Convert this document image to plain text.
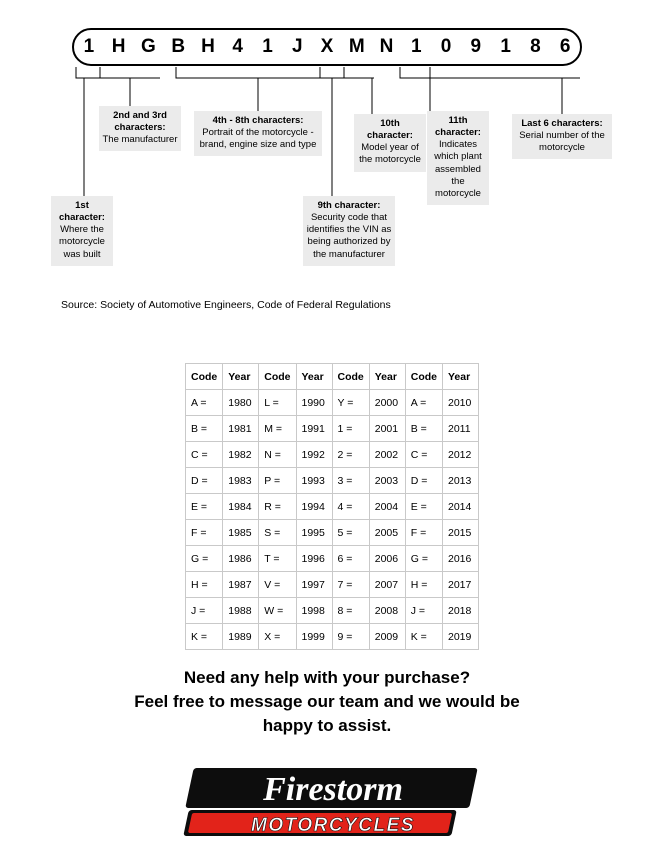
1 H G B H 4	1	J X M N 1	0	9	1	8	6
1st character:
Where the motorcycle was built
2nd and 3rd characters:
The manufacturer
4th - 8th characters:
Portrait of the motorcycle - brand, engine size and type
9th character:
Security code that identifies the VIN as being authorized by the manufacturer
10th character:
Model year of the motorcycle
11th character:
Indicates which plant assembled the motorcycle
Last 6 characters:
Serial number of the motorcycle
Source: Society of Automotive Engineers, Code of Federal Regulations
Code	Year	Code	Year	Code	Year	Code	Year
A =	1980	L =	1990	Y =	2000	A =	2010
B =	1981	M =	1991	1 =	2001	B =	2011
C =	1982	N =	1992	2 =	2002	C =	2012
D =	1983	P =	1993	3 =	2003	D =	2013
E =	1984	R =	1994	4 =	2004	E =	2014
F =	1985	S =	1995	5 =	2005	F =	2015
G =	1986	T =	1996	6 =	2006	G =	2016
H =	1987	V =	1997	7 =	2007	H =	2017
J =	1988	W =	1998	8 =	2008	J =	2018
K =	1989	X =	1999	9 =	2009	K =	2019
Need any help with your purchase?
Feel free to message our team and we would be
happy to assist.
Firestorm
MOTORCYCLES
